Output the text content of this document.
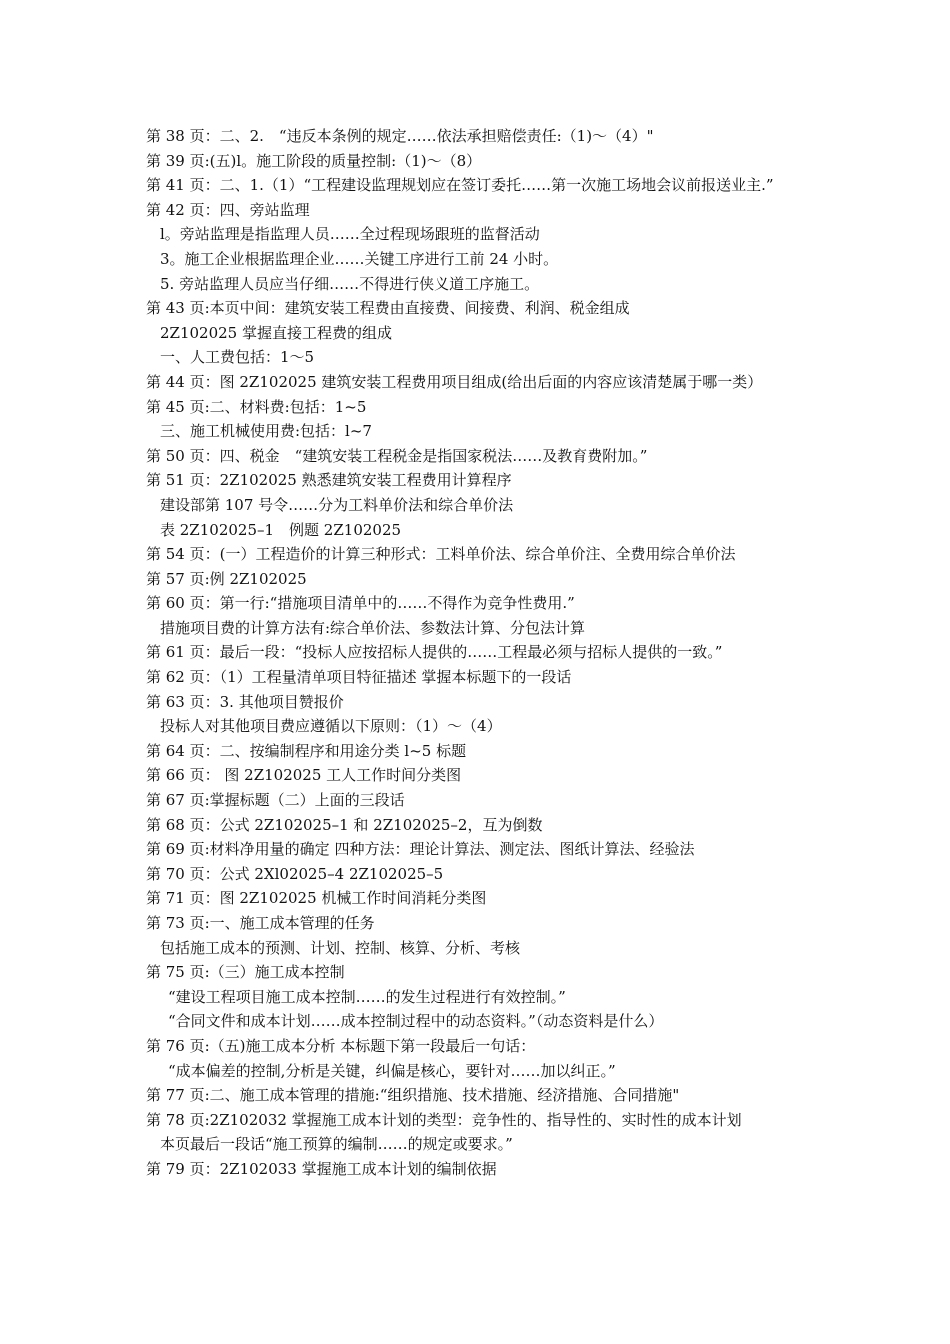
第 38 页：二、2.　“违反本条例的规定……依法承担赔偿责任:（1)～（4）"
第 39 页:(五)l。施工阶段的质量控制:（1)～（8）
第 41 页：二、1.（1）“工程建设监理规划应在签订委托……第一次施工场地会议前报送业主.”
第 42 页：四、旁站监理
l。旁站监理是指监理人员……全过程现场跟班的监督活动
3。施工企业根据监理企业……关键工序进行工前 24 小时。
5. 旁站监理人员应当仔细……不得进行侠义道工序施工。
第 43 页:本页中间：建筑安装工程费由直接费、间接费、利润、税金组成
2Z102025 掌握直接工程费的组成
一、人工费包括：1～5
第 44 页：图 2Z102025 建筑安装工程费用项目组成(给出后面的内容应该清楚属于哪一类）
第 45 页:二、材料费:包括：1~5
三、施工机械使用费:包括：l~7
第 50 页：四、税金　“建筑安装工程税金是指国家税法……及教育费附加。”
第 51 页：2Z102025 熟悉建筑安装工程费用计算程序
建设部第 107 号令……分为工料单价法和综合单价法
表 2Z102025–1　例题 2Z102025
第 54 页：(一）工程造价的计算三种形式：工料单价法、综合单价注、全费用综合单价法
第 57 页:例 2Z102025
第 60 页：第一行:“措施项目清单中的……不得作为竞争性费用.”
措施项目费的计算方法有:综合单价法、参数法计算、分包法计算
第 61 页：最后一段：“投标人应按招标人提供的……工程最必须与招标人提供的一致。”
第 62 页：（1）工程量清单项目特征描述 掌握本标题下的一段话
第 63 页：3. 其他项目赞报价
投标人对其他项目费应遵循以下原则：（1）～（4）
第 64 页：二、按编制程序和用途分类 l~5 标题
第 66 页： 图 2Z102025 工人工作时间分类图
第 67 页:掌握标题（二）上面的三段话
第 68 页：公式 2Z102025–1 和 2Z102025–2，互为倒数
第 69 页:材料净用量的确定 四种方法：理论计算法、测定法、图纸计算法、经验法
第 70 页：公式 2Xl02025–4 2Z102025–5
第 71 页：图 2Z102025 机械工作时间消耗分类图
第 73 页:一、施工成本管理的任务
包括施工成本的预测、计划、控制、核算、分析、考核
第 75 页:（三）施工成本控制
“建设工程项目施工成本控制……的发生过程进行有效控制。”
“合同文件和成本计划……成本控制过程中的动态资料。”（动态资料是什么）
第 76 页:（五)施工成本分析 本标题下第一段最后一句话：
“成本偏差的控制,分析是关键，纠偏是核心，要针对……加以纠正。”
第 77 页:二、施工成本管理的措施:“组织措施、技术措施、经济措施、合同措施"
第 78 页:2Z102032 掌握施工成本计划的类型：竞争性的、指导性的、实时性的成本计划
本页最后一段话“施工预算的编制……的规定或要求。”
第 79 页：2Z102033 掌握施工成本计划的编制依据
